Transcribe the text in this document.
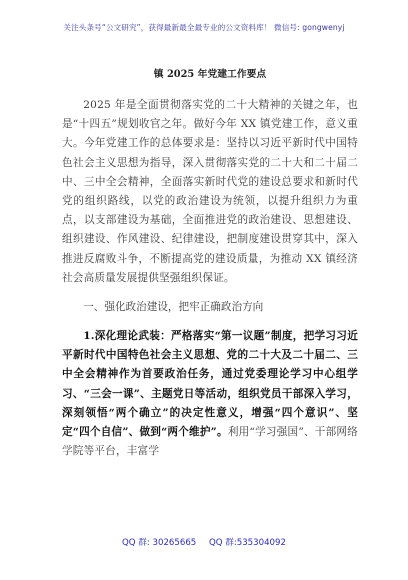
关注头条号“公文研究”，获得最新最全最专业的公文资料库！ 微信号: gongwenyj
镇 2025 年党建工作要点

2025 年是全面贯彻落实党的二十大精神的关键之年，也是“十四五”规划收官之年。做好今年 XX 镇党建工作，意义重大。今年党建工作的总体要求是：坚持以习近平新时代中国特色社会主义思想为指导，深入贯彻落实党的二十大和二十届二中、三中全会精神，全面落实新时代党的建设总要求和新时代党的组织路线，以党的政治建设为统领，以提升组织力为重点，以支部建设为基础，全面推进党的政治建设、思想建设、组织建设、作风建设、纪律建设，把制度建设贯穿其中，深入推进反腐败斗争，不断提高党的建设质量，为推动 XX 镇经济社会高质量发展提供坚强组织保证。

一、强化政治建设，把牢正确政治方向

1.深化理论武装：严格落实“第一议题”制度，把学习习近平新时代中国特色社会主义思想、党的二十大及二十届二、三中全会精神作为首要政治任务，通过党委理论学习中心组学习、“三会一课”、主题党日等活动，组织党员干部深入学习，深刻领悟“两个确立”的决定性意义，增强“四个意识”、坚定“四个自信”、做到“两个维护”。利用“学习强国”、干部网络学院等平台，丰富学

QQ 群: 30265665 QQ 群:535304092
